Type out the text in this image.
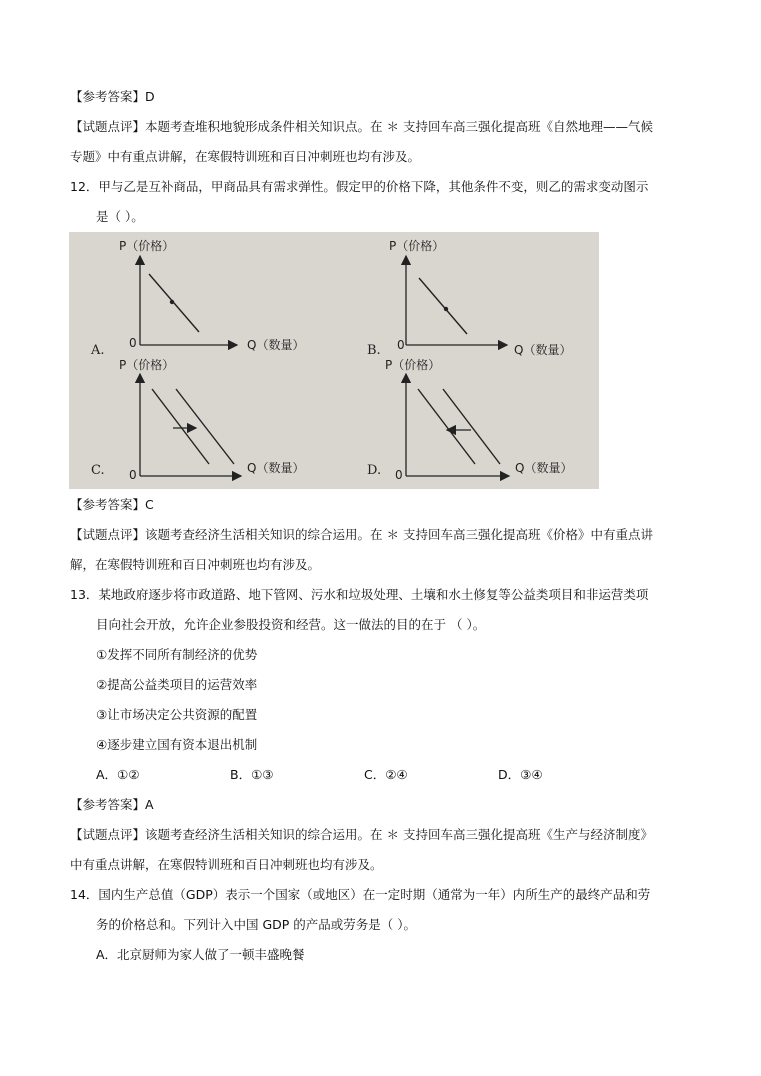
【参考答案】D
【试题点评】本题考查堆积地貌形成条件相关知识点。在 ＊ 支持回车高三强化提高班《自然地理——气候
专题》中有重点讲解，在寒假特训班和百日冲刺班也均有涉及。
12．甲与乙是互补商品，甲商品具有需求弹性。假定甲的价格下降，其他条件不变，则乙的需求变动图示
是（ ）。
P（价格）
Q（数量）
0
A.
P（价格）
Q（数量）
0
B.
P（价格）
Q（数量）
0
C.
P（价格）
Q（数量）
0
D.
【参考答案】C
【试题点评】该题考查经济生活相关知识的综合运用。在 ＊ 支持回车高三强化提高班《价格》中有重点讲
解，在寒假特训班和百日冲刺班也均有涉及。
13．某地政府逐步将市政道路、地下管网、污水和垃圾处理、土壤和水土修复等公益类项目和非运营类项
目向社会开放，允许企业参股投资和经营。这一做法的目的在于 （ ）。
①发挥不同所有制经济的优势
②提高公益类项目的运营效率
③让市场决定公共资源的配置
④逐步建立国有资本退出机制
A．①②	B．①③	C．②④	D．③④
【参考答案】A
【试题点评】该题考查经济生活相关知识的综合运用。在 ＊ 支持回车高三强化提高班《生产与经济制度》
中有重点讲解，在寒假特训班和百日冲刺班也均有涉及。
14．国内生产总值（GDP）表示一个国家（或地区）在一定时期（通常为一年）内所生产的最终产品和劳
务的价格总和。下列计入中国 GDP 的产品或劳务是（ ）。
A．北京厨师为家人做了一顿丰盛晚餐
